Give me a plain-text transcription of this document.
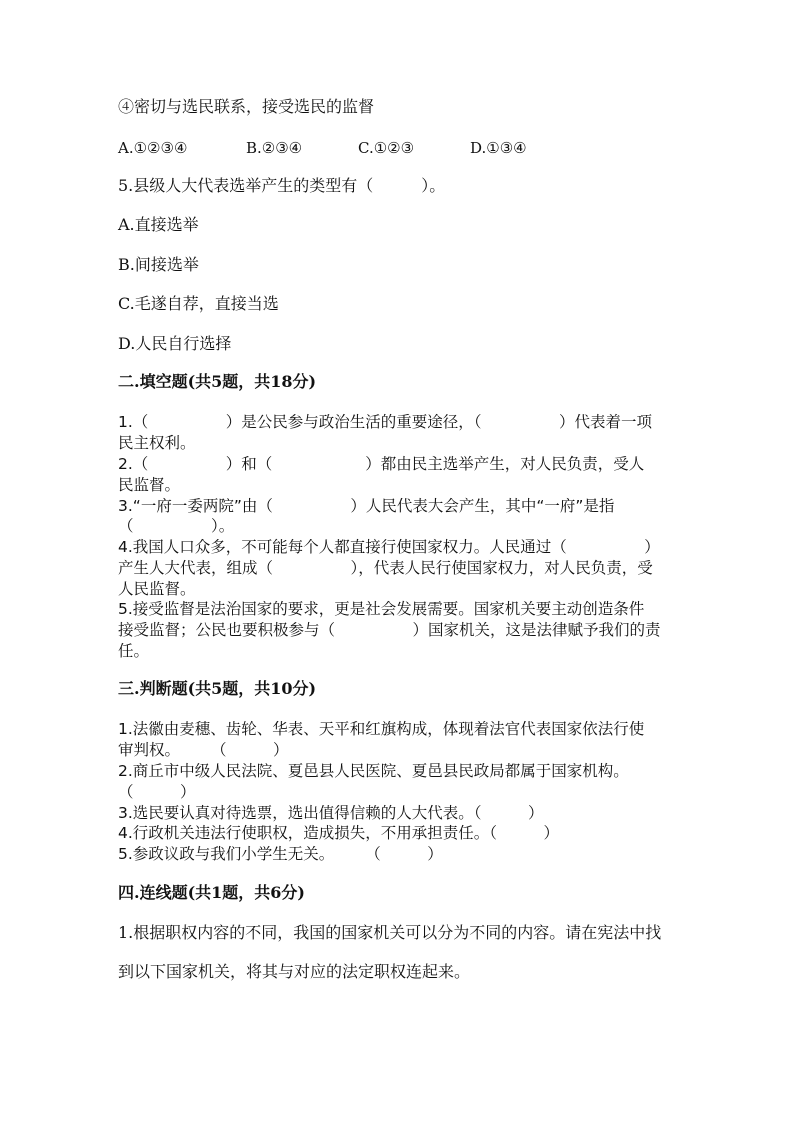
④密切与选民联系，接受选民的监督
A.①②③④	B.②③④	C.①②③	D.①③④
5.县级人大代表选举产生的类型有（　　　）。
A.直接选举
B.间接选举
C.毛遂自荐，直接当选
D.人民自行选择
二.填空题(共5题，共18分)
1.（　　　　　）是公民参与政治生活的重要途径，（　　　　　）代表着一项
民主权利。
2.（　　　　　）和（　　　　　　）都由民主选举产生，对人民负责，受人
民监督。
3.“一府一委两院”由（　　　　　）人民代表大会产生，其中“一府”是指
（　　　　　）。
4.我国人口众多，不可能每个人都直接行使国家权力。人民通过（　　　　　）
产生人大代表，组成（　　　　　），代表人民行使国家权力，对人民负责，受
人民监督。
5.接受监督是法治国家的要求，更是社会发展需要。国家机关要主动创造条件
接受监督；公民也要积极参与（　　　　　）国家机关，这是法律赋予我们的责
任。
三.判断题(共5题，共10分)
1.法徽由麦穗、齿轮、华表、天平和红旗构成，体现着法官代表国家依法行使
审判权。　　　（　　　）
2.商丘市中级人民法院、夏邑县人民医院、夏邑县民政局都属于国家机构。
（　　　）
3.选民要认真对待选票，选出值得信赖的人大代表。（　　　）
4.行政机关违法行使职权，造成损失，不用承担责任。（　　　）
5.参政议政与我们小学生无关。　　　（　　　）
四.连线题(共1题，共6分)
1.根据职权内容的不同，我国的国家机关可以分为不同的内容。请在宪法中找
到以下国家机关，将其与对应的法定职权连起来。
